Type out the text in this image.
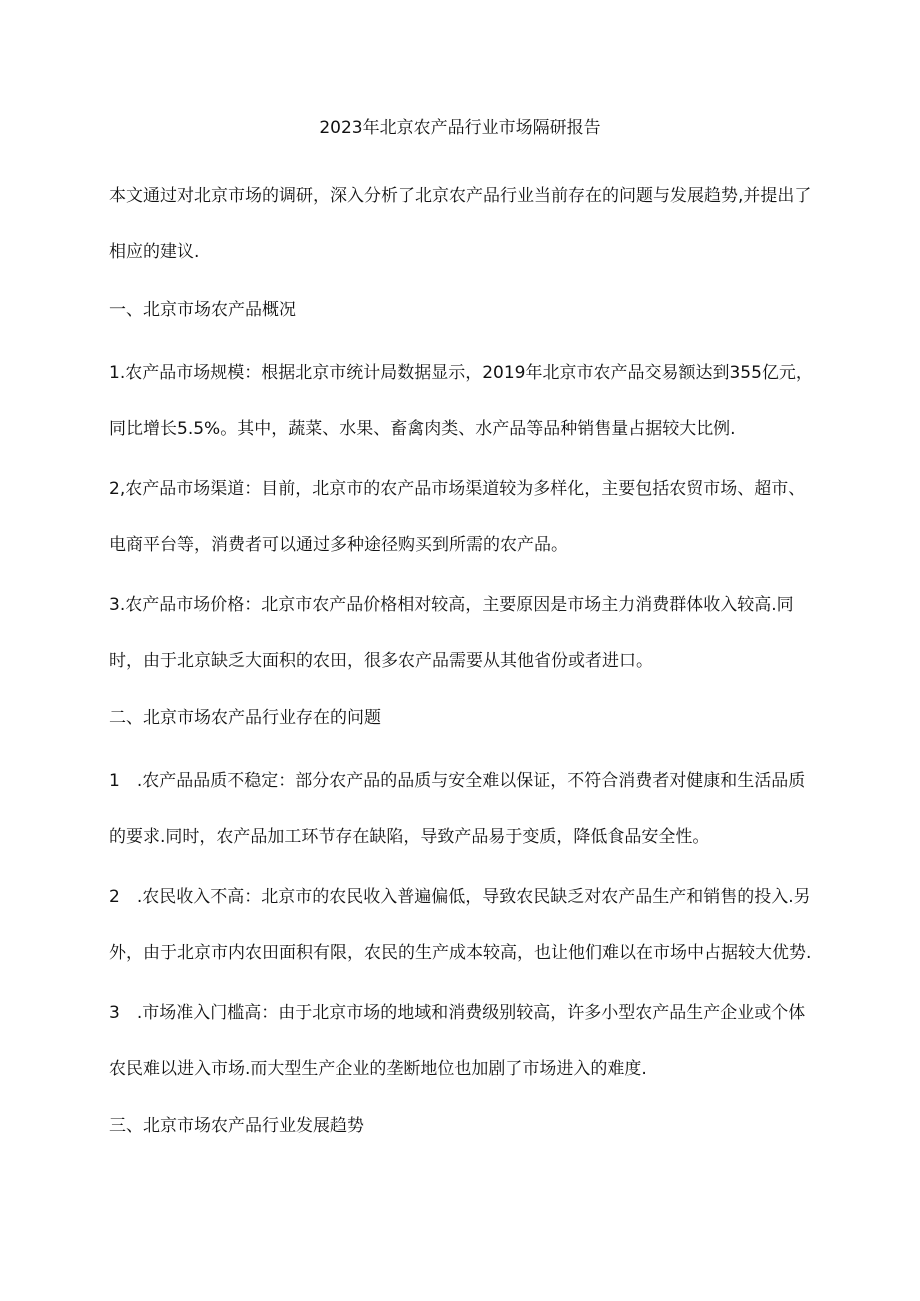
2023年北京农产品行业市场隔研报告
本文通过对北京市场的调研，深入分析了北京农产品行业当前存在的问题与发展趋势,并提出了
相应的建议.
一、北京市场农产品概况
1.农产品市场规模：根据北京市统计局数据显示，2019年北京市农产品交易额达到355亿元，
同比增长5.5%。其中，蔬菜、水果、畜禽肉类、水产品等品种销售量占据较大比例.
2,农产品市场渠道：目前，北京市的农产品市场渠道较为多样化，主要包括农贸市场、超市、
电商平台等，消费者可以通过多种途径购买到所需的农产品。
3.农产品市场价格：北京市农产品价格相对较高，主要原因是市场主力消费群体收入较高.同
时，由于北京缺乏大面积的农田，很多农产品需要从其他省份或者进口。
二、北京市场农产品行业存在的问题
1　.农产品品质不稳定：部分农产品的品质与安全难以保证，不符合消费者对健康和生活品质
的要求.同时，农产品加工环节存在缺陷，导致产品易于变质，降低食品安全性。
2　.农民收入不高：北京市的农民收入普遍偏低，导致农民缺乏对农产品生产和销售的投入.另
外，由于北京市内农田面积有限，农民的生产成本较高，也让他们难以在市场中占据较大优势.
3　.市场准入门槛高：由于北京市场的地域和消费级别较高，许多小型农产品生产企业或个体
农民难以进入市场.而大型生产企业的垄断地位也加剧了市场进入的难度.
三、北京市场农产品行业发展趋势
